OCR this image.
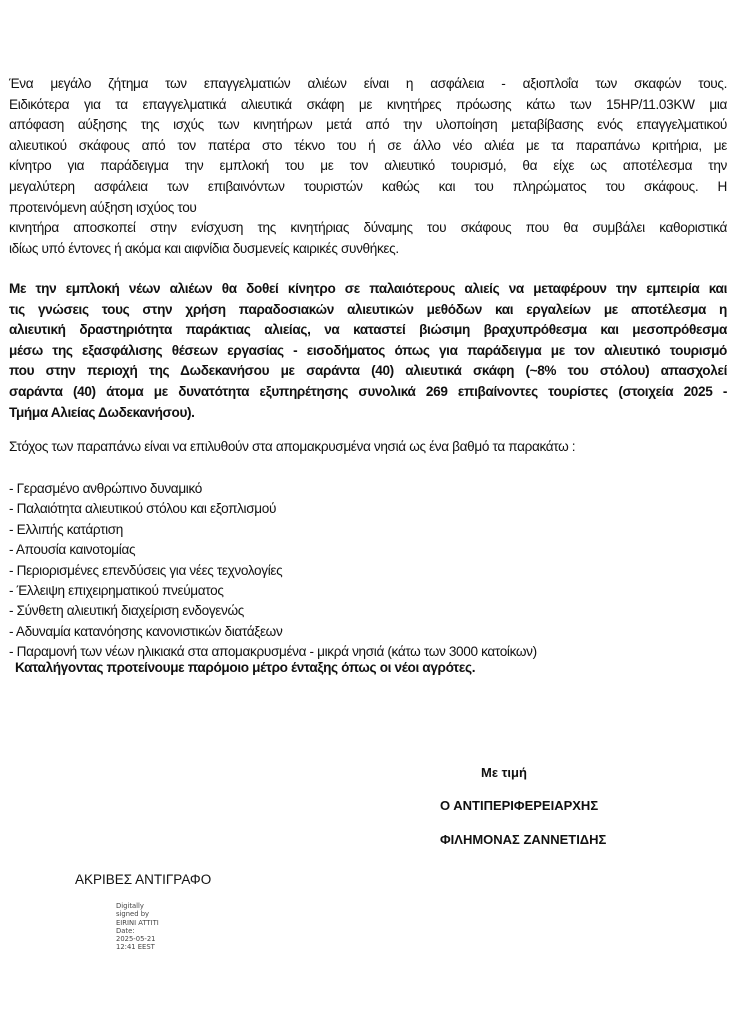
Ένα μεγάλο ζήτημα των επαγγελματιών αλιέων είναι η ασφάλεια - αξιοπλοΐα των σκαφών τους.
Ειδικότερα για τα επαγγελματικά αλιευτικά σκάφη με κινητήρες πρόωσης κάτω των 15HP/11.03KW μια
απόφαση αύξησης της ισχύς των κινητήρων μετά από την υλοποίηση μεταβίβασης ενός επαγγελματικού
αλιευτικού σκάφους από τον πατέρα στο τέκνο του ή σε άλλο νέο αλιέα με τα παραπάνω κριτήρια, με
κίνητρο για παράδειγμα την εμπλοκή του με τον αλιευτικό τουρισμό, θα είχε ως αποτέλεσμα την
μεγαλύτερη ασφάλεια των επιβαινόντων τουριστών καθώς και του πληρώματος του σκάφους. Η
προτεινόμενη αύξηση ισχύος του
κινητήρα αποσκοπεί στην ενίσχυση της κινητήριας δύναμης του σκάφους που θα συμβάλει καθοριστικά
ιδίως υπό έντονες ή ακόμα και αιφνίδια δυσμενείς καιρικές συνθήκες.

Με την εμπλοκή νέων αλιέων θα δοθεί κίνητρο σε παλαιότερους αλιείς να μεταφέρουν την εμπειρία και
τις γνώσεις τους στην χρήση παραδοσιακών αλιευτικών μεθόδων και εργαλείων με αποτέλεσμα η
αλιευτική δραστηριότητα παράκτιας αλιείας, να καταστεί βιώσιμη βραχυπρόθεσμα και μεσοπρόθεσμα
μέσω της εξασφάλισης θέσεων εργασίας - εισοδήματος όπως για παράδειγμα με τον αλιευτικό τουρισμό
που στην περιοχή της Δωδεκανήσου με σαράντα (40) αλιευτικά σκάφη (~8% του στόλου) απασχολεί
σαράντα (40) άτομα με δυνατότητα εξυπηρέτησης συνολικά 269 επιβαίνοντες τουρίστες (στοιχεία 2025 -
Τμήμα Αλιείας Δωδεκανήσου).

Στόχος των παραπάνω είναι να επιλυθούν στα απομακρυσμένα νησιά ως ένα βαθμό τα παρακάτω :

- Γερασμένο ανθρώπινο δυναμικό
- Παλαιότητα αλιευτικού στόλου και εξοπλισμού
- Ελλιπής κατάρτιση
- Απουσία καινοτομίας
- Περιορισμένες επενδύσεις για νέες τεχνολογίες
- Έλλειψη επιχειρηματικού πνεύματος
- Σύνθετη αλιευτική διαχείριση ενδογενώς
- Αδυναμία κατανόησης κανονιστικών διατάξεων
- Παραμονή των νέων ηλικιακά στα απομακρυσμένα - μικρά νησιά (κάτω των 3000 κατοίκων)

Καταλήγοντας προτείνουμε παρόμοιο μέτρο ένταξης όπως οι νέοι αγρότες.

Με τιμή

Ο ΑΝΤΙΠΕΡΙΦΕΡΕΙΑΡΧΗΣ

ΦΙΛΗΜΟΝΑΣ ΖΑΝΝΕΤΙΔΗΣ

ΑΚΡΙΒΕΣ ΑΝΤΙΓΡΑΦΟ

Digitally
signed by
EIRINI ATTITI
Date:
2025-05-21
12:41 EEST
